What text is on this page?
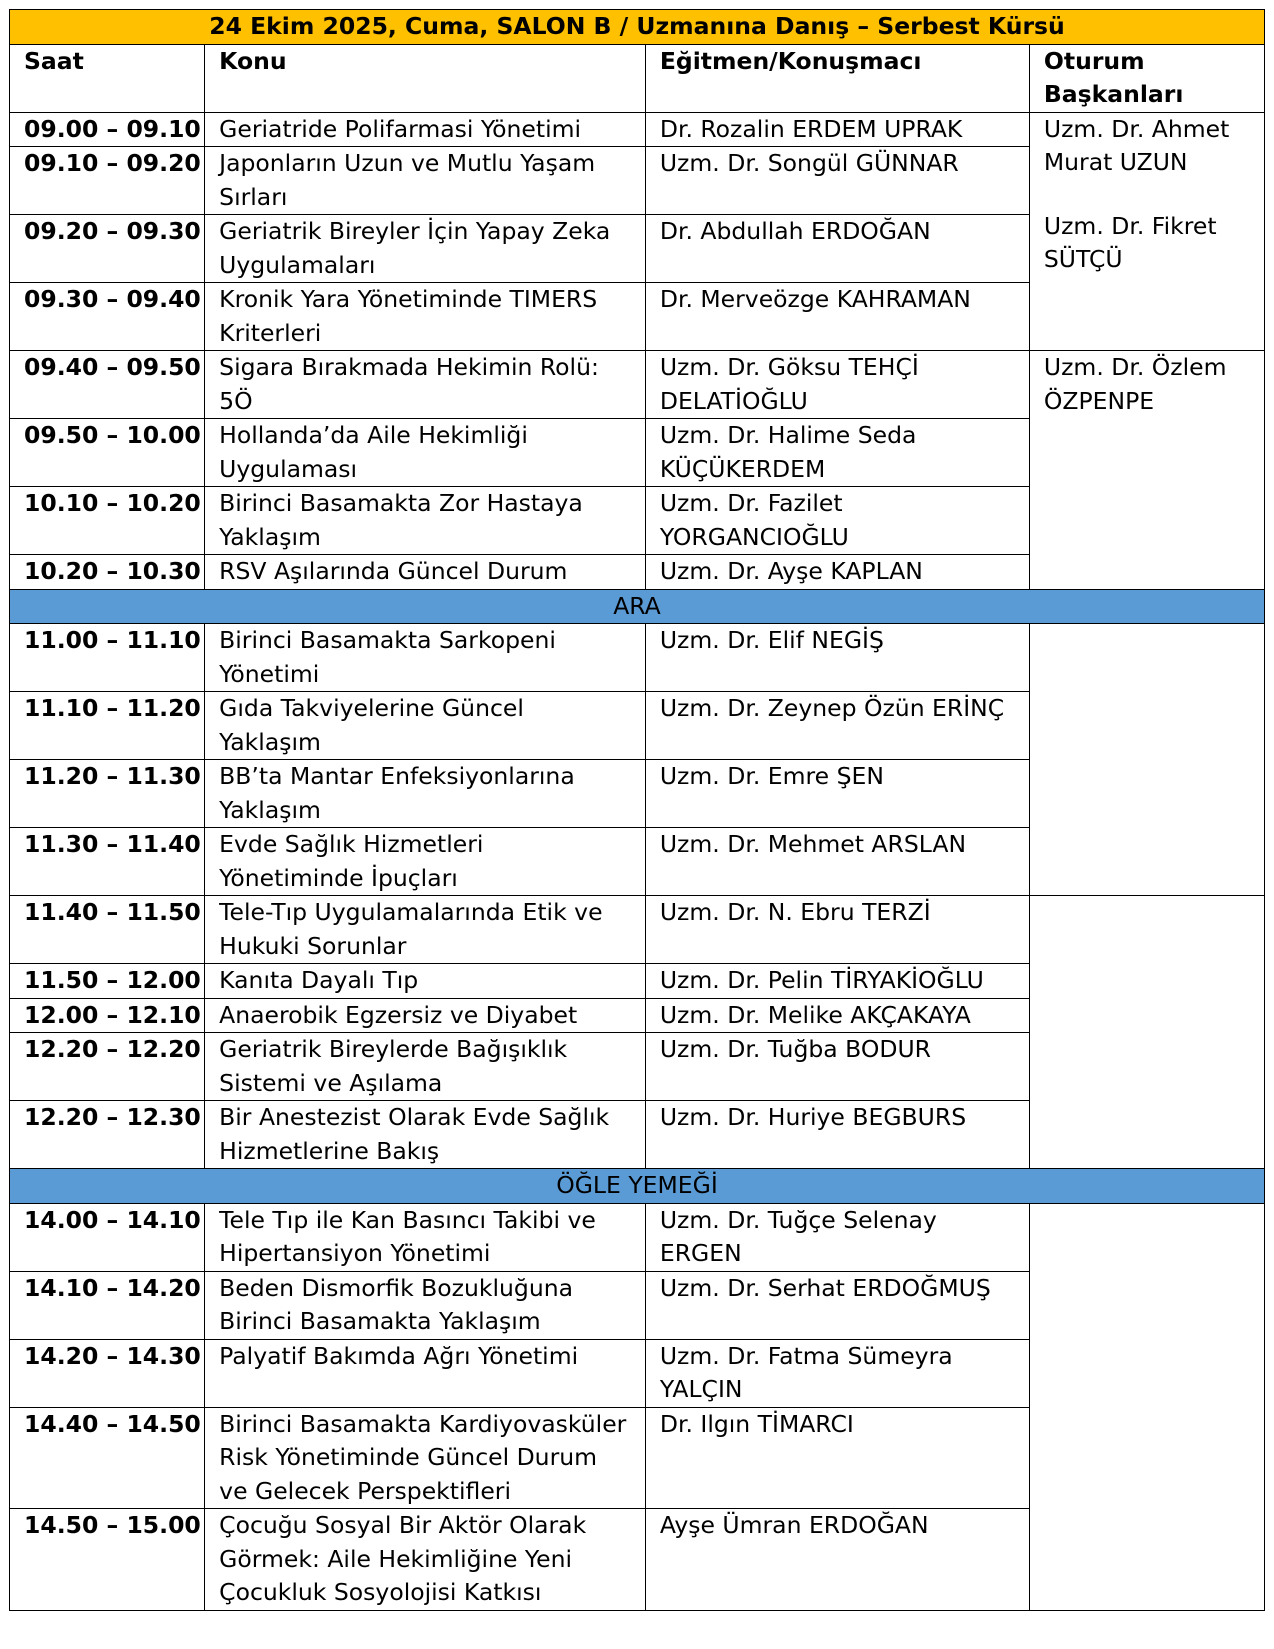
24 Ekim 2025, Cuma, SALON B / Uzmanına Danış – Serbest Kürsü			
Saat	Konu	Eğitmen/Konuşmacı	Oturum Başkanları
09.00 – 09.10	Geriatride Polifarmasi Yönetimi	Dr. Rozalin ERDEM UPRAK	Uzm. Dr. Ahmet
Murat UZUN
Uzm. Dr. Fikret
SÜTÇÜ

09.10 – 09.20	Japonların Uzun ve Mutlu Yaşam
Sırları	Uzm. Dr. Songül GÜNNAR	

09.20 – 09.30	Geriatrik Bireyler İçin Yapay Zeka
Uygulamaları	Dr. Abdullah ERDOĞAN	

09.30 – 09.40	Kronik Yara Yönetiminde TIMERS
Kriterleri	Dr. Merveözge KAHRAMAN	

09.40 – 09.50	Sigara Bırakmada Hekimin Rolü:
5Ö	Uzm. Dr. Göksu TEHÇİ
DELATİOĞLU	Uzm. Dr. Özlem
ÖZPENPE

09.50 – 10.00	Hollanda’da Aile Hekimliği
Uygulaması	Uzm. Dr. Halime Seda
KÜÇÜKERDEM	

10.10 – 10.20	Birinci Basamakta Zor Hastaya
Yaklaşım	Uzm. Dr. Fazilet
YORGANCIOĞLU	

10.20 – 10.30	RSV Aşılarında Güncel Durum	Uzm. Dr. Ayşe KAPLAN	

ARA			
11.00 – 11.10	Birinci Basamakta Sarkopeni
Yönetimi	Uzm. Dr. Elif NEGİŞ	

11.10 – 11.20	Gıda Takviyelerine Güncel
Yaklaşım	Uzm. Dr. Zeynep Özün ERİNÇ	

11.20 – 11.30	BB’ta Mantar Enfeksiyonlarına
Yaklaşım	Uzm. Dr. Emre ŞEN	

11.30 – 11.40	Evde Sağlık Hizmetleri
Yönetiminde İpuçları	Uzm. Dr. Mehmet ARSLAN	

11.40 – 11.50	Tele-Tıp Uygulamalarında Etik ve
Hukuki Sorunlar	Uzm. Dr. N. Ebru TERZİ	

11.50 – 12.00	Kanıta Dayalı Tıp	Uzm. Dr. Pelin TİRYAKİOĞLU	

12.00 – 12.10	Anaerobik Egzersiz ve Diyabet	Uzm. Dr. Melike AKÇAKAYA	

12.20 – 12.20	Geriatrik Bireylerde Bağışıklık
Sistemi ve Aşılama	Uzm. Dr. Tuğba BODUR	

12.20 – 12.30	Bir Anestezist Olarak Evde Sağlık
Hizmetlerine Bakış	Uzm. Dr. Huriye BEGBURS	

ÖĞLE YEMEĞİ			
14.00 – 14.10	Tele Tıp ile Kan Basıncı Takibi ve
Hipertansiyon Yönetimi	Uzm. Dr. Tuğçe Selenay
ERGEN	

14.10 – 14.20	Beden Dismorfik Bozukluğuna
Birinci Basamakta Yaklaşım	Uzm. Dr. Serhat ERDOĞMUŞ	

14.20 – 14.30	Palyatif Bakımda Ağrı Yönetimi	Uzm. Dr. Fatma Sümeyra
YALÇIN	

14.40 – 14.50	Birinci Basamakta Kardiyovasküler
Risk Yönetiminde Güncel Durum
ve Gelecek Perspektifleri	Dr. Ilgın TİMARCI	

14.50 – 15.00	Çocuğu Sosyal Bir Aktör Olarak
Görmek: Aile Hekimliğine Yeni
Çocukluk Sosyolojisi Katkısı	Ayşe Ümran ERDOĞAN	
